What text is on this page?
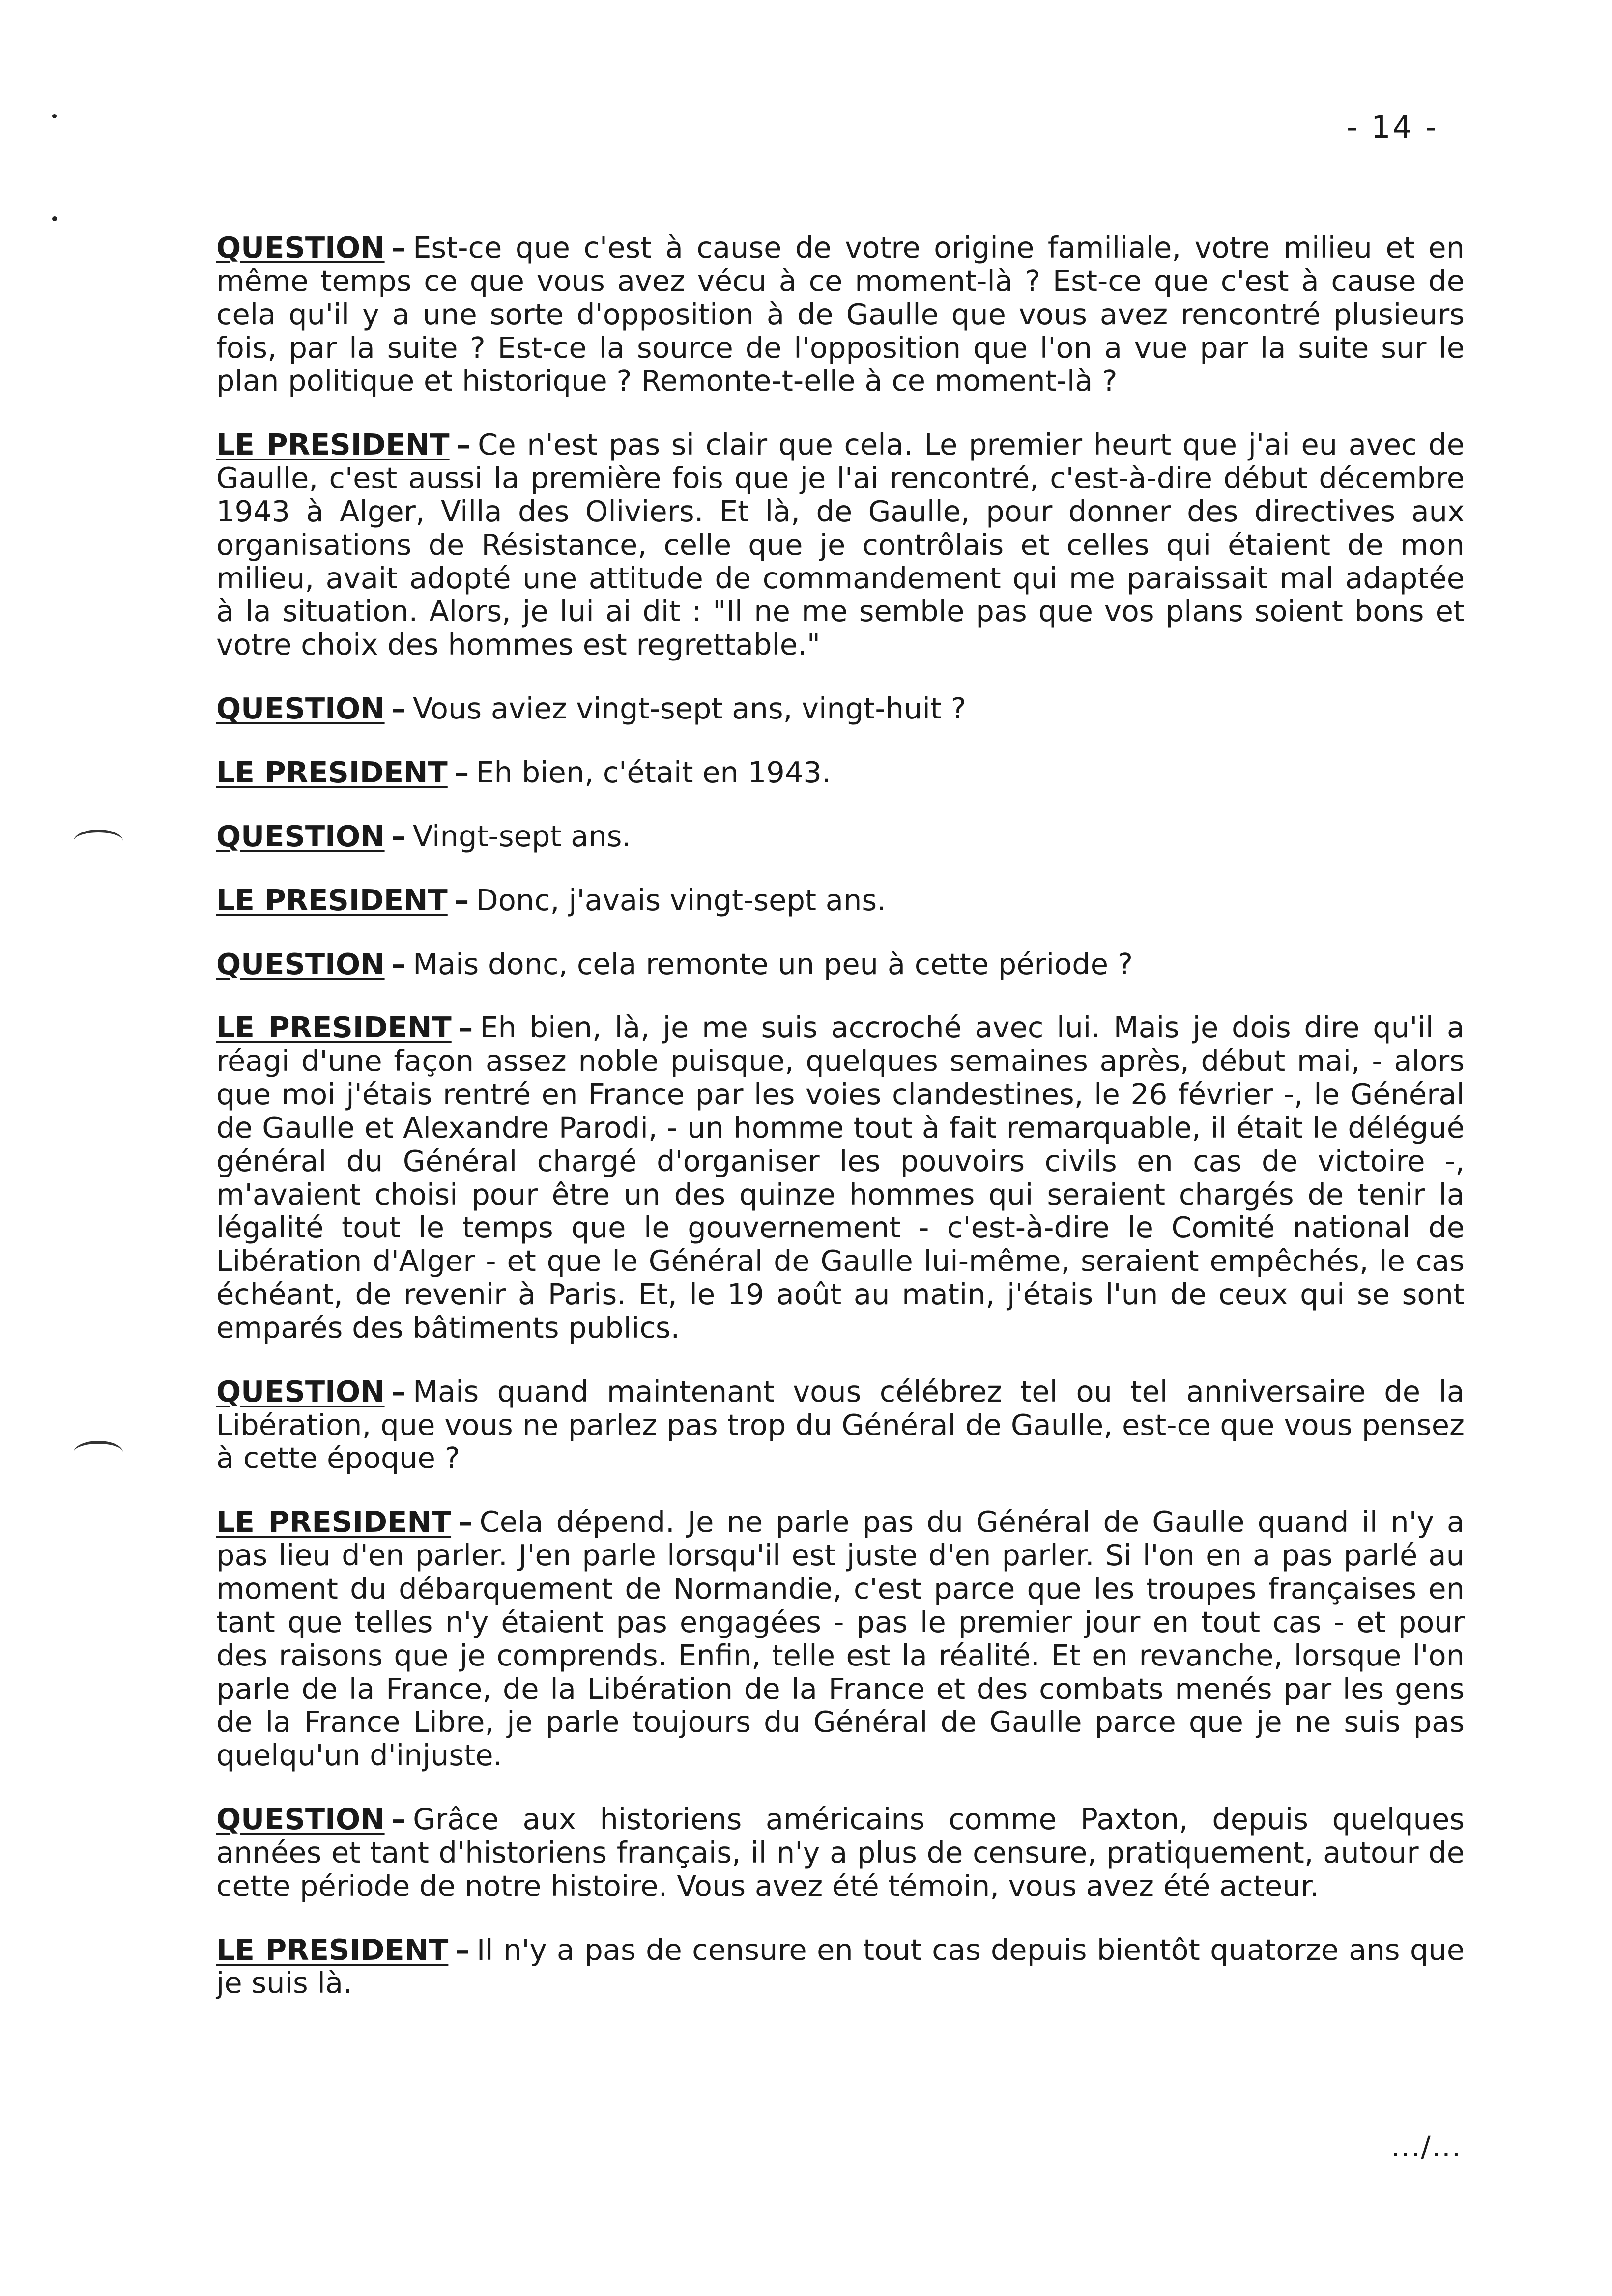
- 14 -

QUESTION – Est-ce que c'est à cause de votre origine familiale, votre milieu et en même temps ce que vous avez vécu à ce moment-là ? Est-ce que c'est à cause de cela qu'il y a une sorte d'opposition à de Gaulle que vous avez rencontré plusieurs fois, par la suite ? Est-ce la source de l'opposition que l'on a vue par la suite sur le plan politique et historique ? Remonte-t-elle à ce moment-là ?

LE PRESIDENT – Ce n'est pas si clair que cela. Le premier heurt que j'ai eu avec de Gaulle, c'est aussi la première fois que je l'ai rencontré, c'est-à-dire début décembre 1943 à Alger, Villa des Oliviers. Et là, de Gaulle, pour donner des directives aux organisations de Résistance, celle que je contrôlais et celles qui étaient de mon milieu, avait adopté une attitude de commandement qui me paraissait mal adaptée à la situation. Alors, je lui ai dit : "Il ne me semble pas que vos plans soient bons et votre choix des hommes est regrettable."

QUESTION – Vous aviez vingt-sept ans, vingt-huit ?

LE PRESIDENT – Eh bien, c'était en 1943.

QUESTION – Vingt-sept ans.

LE PRESIDENT – Donc, j'avais vingt-sept ans.

QUESTION – Mais donc, cela remonte un peu à cette période ?

LE PRESIDENT – Eh bien, là, je me suis accroché avec lui. Mais je dois dire qu'il a réagi d'une façon assez noble puisque, quelques semaines après, début mai, - alors que moi j'étais rentré en France par les voies clandestines, le 26 février -, le Général de Gaulle et Alexandre Parodi, - un homme tout à fait remarquable, il était le délégué général du Général chargé d'organiser les pouvoirs civils en cas de victoire -, m'avaient choisi pour être un des quinze hommes qui seraient chargés de tenir la légalité tout le temps que le gouvernement - c'est-à-dire le Comité national de Libération d'Alger - et que le Général de Gaulle lui-même, seraient empêchés, le cas échéant, de revenir à Paris. Et, le 19 août au matin, j'étais l'un de ceux qui se sont emparés des bâtiments publics.

QUESTION – Mais quand maintenant vous célébrez tel ou tel anniversaire de la Libération, que vous ne parlez pas trop du Général de Gaulle, est-ce que vous pensez à cette époque ?

LE PRESIDENT – Cela dépend. Je ne parle pas du Général de Gaulle quand il n'y a pas lieu d'en parler. J'en parle lorsqu'il est juste d'en parler. Si l'on en a pas parlé au moment du débarquement de Normandie, c'est parce que les troupes françaises en tant que telles n'y étaient pas engagées - pas le premier jour en tout cas - et pour des raisons que je comprends. Enfin, telle est la réalité. Et en revanche, lorsque l'on parle de la France, de la Libération de la France et des combats menés par les gens de la France Libre, je parle toujours du Général de Gaulle parce que je ne suis pas quelqu'un d'injuste.

QUESTION – Grâce aux historiens américains comme Paxton, depuis quelques années et tant d'historiens français, il n'y a plus de censure, pratiquement, autour de cette période de notre histoire. Vous avez été témoin, vous avez été acteur.

LE PRESIDENT – Il n'y a pas de censure en tout cas depuis bientôt quatorze ans que je suis là.

.../...
